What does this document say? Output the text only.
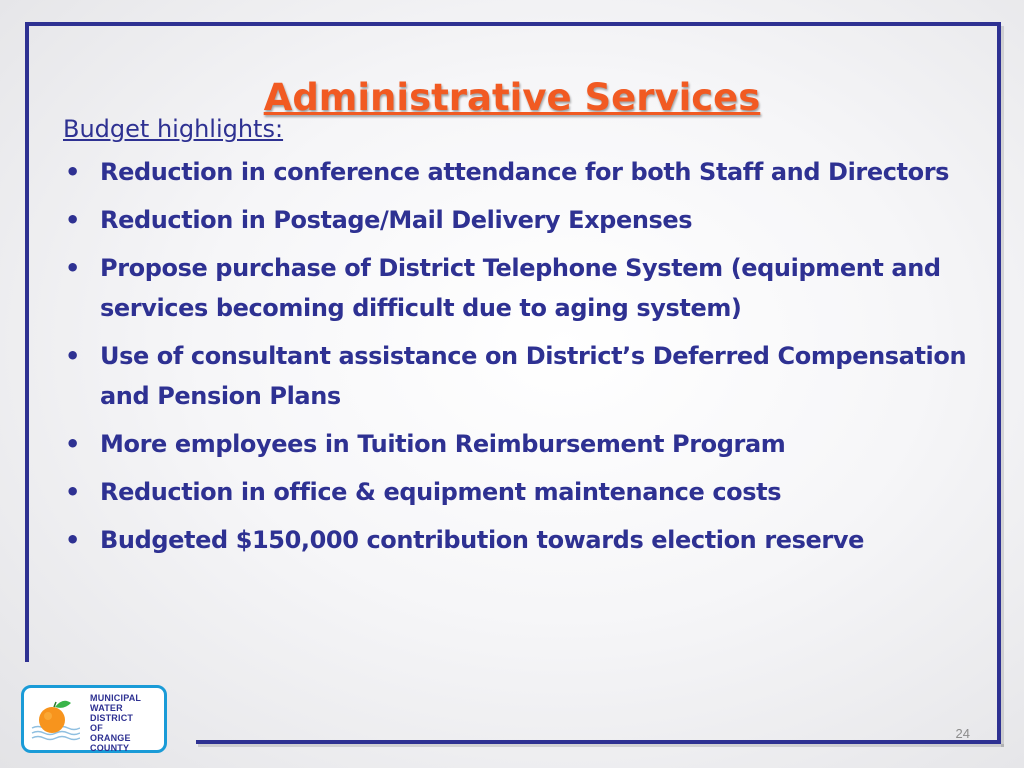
Administrative Services
Budget highlights:
• Reduction in conference attendance for both Staff and Directors
• Reduction in Postage/Mail Delivery Expenses
• Propose purchase of District Telephone System (equipment and services becoming difficult due to aging system)
• Use of consultant assistance on District’s Deferred Compensation and Pension Plans
• More employees in Tuition Reimbursement Program
• Reduction in office & equipment maintenance costs
• Budgeted $150,000 contribution towards election reserve
MUNICIPAL
WATER
DISTRICT
OF
ORANGE
COUNTY
24
